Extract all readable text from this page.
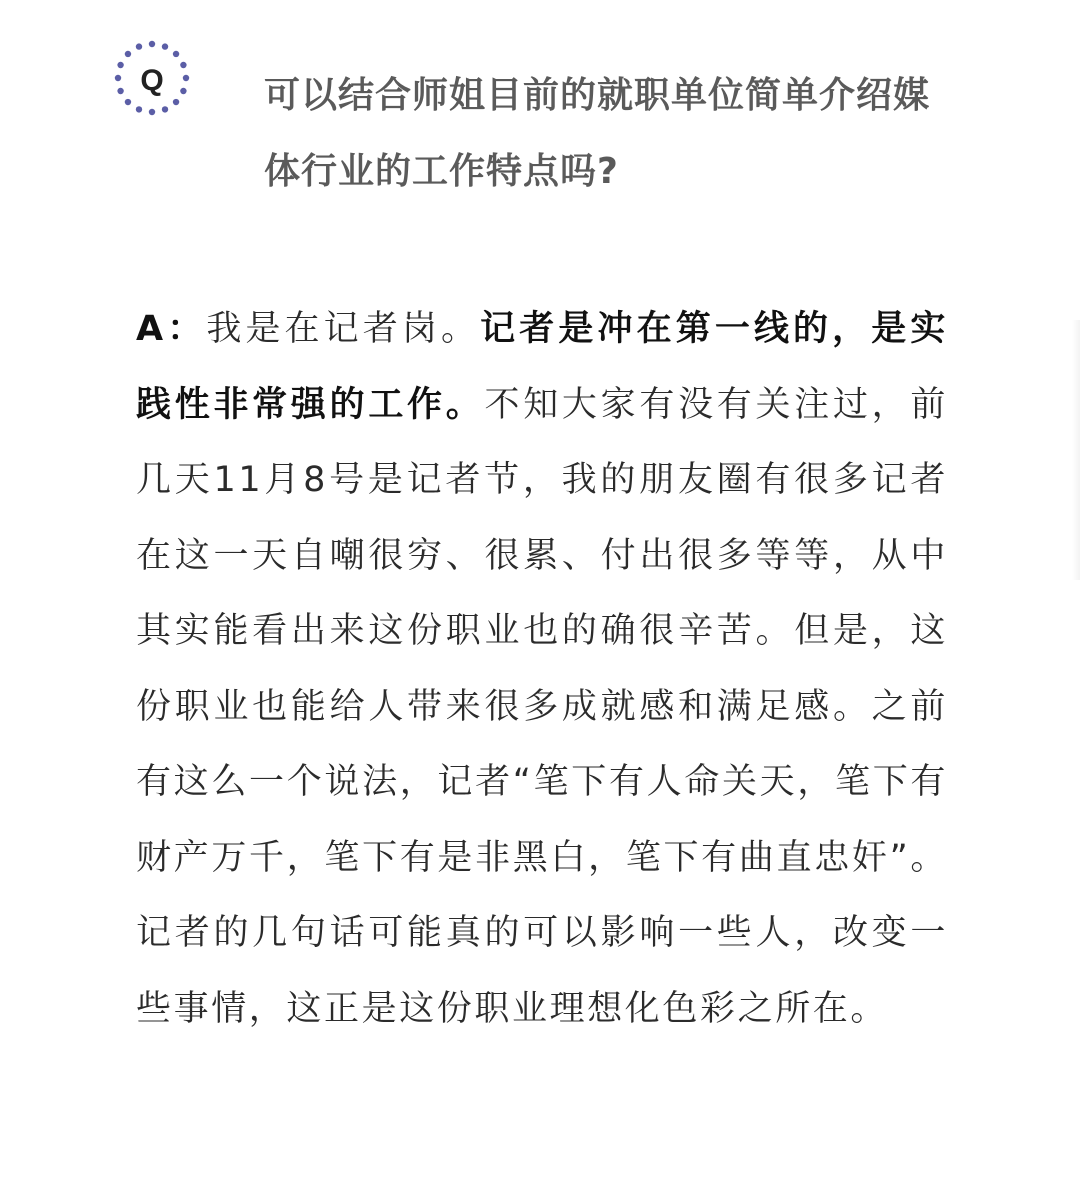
Q	可以结合师姐目前的就职单位简单介绍媒体行业的工作特点吗?

A：我是在记者岗。记者是冲在第一线的，是实践性非常强的工作。不知大家有没有关注过，前几天11月8号是记者节，我的朋友圈有很多记者在这一天自嘲很穷、很累、付出很多等等，从中其实能看出来这份职业也的确很辛苦。但是，这份职业也能给人带来很多成就感和满足感。之前有这么一个说法，记者“笔下有人命关天，笔下有财产万千，笔下有是非黑白，笔下有曲直忠奸”。记者的几句话可能真的可以影响一些人，改变一些事情，这正是这份职业理想化色彩之所在。
